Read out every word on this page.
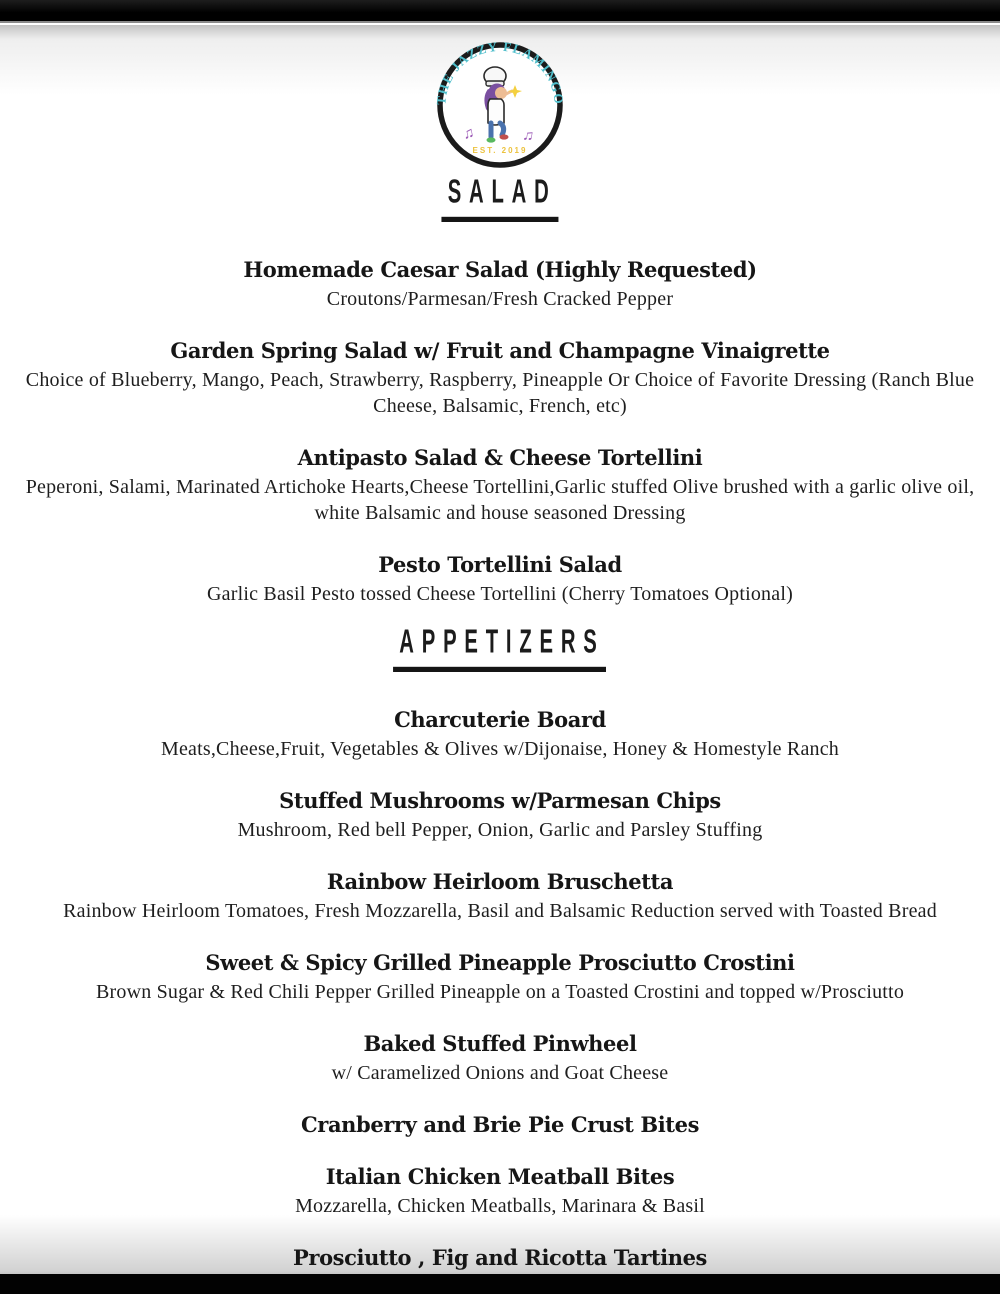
THE JAZZY FLAMINGO
♫	♫
EST. 2019
SALAD
Homemade Caesar Salad (Highly Requested)
Croutons/Parmesan/Fresh Cracked Pepper
Garden Spring Salad w/ Fruit and Champagne Vinaigrette
Choice of Blueberry, Mango, Peach, Strawberry, Raspberry, Pineapple Or Choice of Favorite Dressing (Ranch Blue Cheese, Balsamic, French, etc)
Antipasto Salad & Cheese Tortellini
Peperoni, Salami, Marinated Artichoke Hearts,Cheese Tortellini,Garlic stuffed Olive brushed with a garlic olive oil, white Balsamic and house seasoned Dressing
Pesto Tortellini Salad
Garlic Basil Pesto tossed Cheese Tortellini (Cherry Tomatoes Optional)
APPETIZERS
Charcuterie Board
Meats,Cheese,Fruit, Vegetables & Olives w/Dijonaise, Honey & Homestyle Ranch
Stuffed Mushrooms w/Parmesan Chips
Mushroom, Red bell Pepper, Onion, Garlic and Parsley Stuffing
Rainbow Heirloom Bruschetta
Rainbow Heirloom Tomatoes, Fresh Mozzarella, Basil and Balsamic Reduction served with Toasted Bread
Sweet & Spicy Grilled Pineapple Prosciutto Crostini
Brown Sugar & Red Chili Pepper Grilled Pineapple on a Toasted Crostini and topped w/Prosciutto
Baked Stuffed Pinwheel
w/ Caramelized Onions and Goat Cheese
Cranberry and Brie Pie Crust Bites
Italian Chicken Meatball Bites
Mozzarella, Chicken Meatballs, Marinara & Basil
Prosciutto , Fig and Ricotta Tartines
